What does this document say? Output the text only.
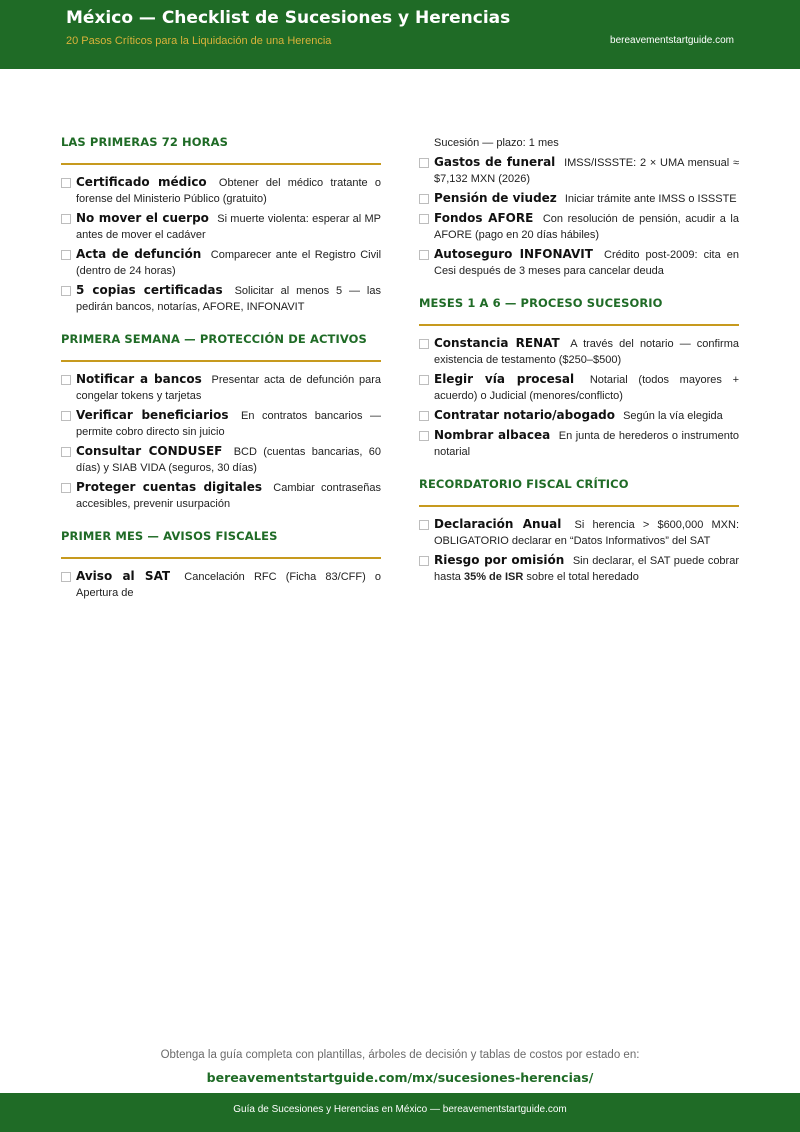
México — Checklist de Sucesiones y Herencias
20 Pasos Críticos para la Liquidación de una Herencia	bereavementstartguide.com
LAS PRIMERAS 72 HORAS
Certificado médico Obtener del médico tratante o forense del Ministerio Público (gratuito)
No mover el cuerpo Si muerte violenta: esperar al MP antes de mover el cadáver
Acta de defunción Comparecer ante el Registro Civil (dentro de 24 horas)
5 copias certificadas Solicitar al menos 5 — las pedirán bancos, notarías, AFORE, INFONAVIT
PRIMERA SEMANA — PROTECCIÓN DE ACTIVOS
Notificar a bancos Presentar acta de defunción para congelar tokens y tarjetas
Verificar beneficiarios En contratos bancarios — permite cobro directo sin juicio
Consultar CONDUSEF BCD (cuentas bancarias, 60 días) y SIAB VIDA (seguros, 30 días)
Proteger cuentas digitales Cambiar contraseñas accesibles, prevenir usurpación
PRIMER MES — AVISOS FISCALES
Aviso al SAT Cancelación RFC (Ficha 83/CFF) o Apertura de
Sucesión — plazo: 1 mes
Gastos de funeral IMSS/ISSSTE: 2 × UMA mensual ≈ $7,132 MXN (2026)
Pensión de viudez Iniciar trámite ante IMSS o ISSSTE
Fondos AFORE Con resolución de pensión, acudir a la AFORE (pago en 20 días hábiles)
Autoseguro INFONAVIT Crédito post-2009: cita en Cesi después de 3 meses para cancelar deuda
MESES 1 A 6 — PROCESO SUCESORIO
Constancia RENAT A través del notario — confirma existencia de testamento ($250–$500)
Elegir vía procesal Notarial (todos mayores + acuerdo) o Judicial (menores/conflicto)
Contratar notario/abogado Según la vía elegida
Nombrar albacea En junta de herederos o instrumento notarial
RECORDATORIO FISCAL CRÍTICO
Declaración Anual Si herencia > $600,000 MXN: OBLIGATORIO declarar en “Datos Informativos” del SAT
Riesgo por omisión Sin declarar, el SAT puede cobrar hasta 35% de ISR sobre el total heredado
Obtenga la guía completa con plantillas, árboles de decisión y tablas de costos por estado en:
bereavementstartguide.com/mx/sucesiones-herencias/
Guía de Sucesiones y Herencias en México — bereavementstartguide.com
